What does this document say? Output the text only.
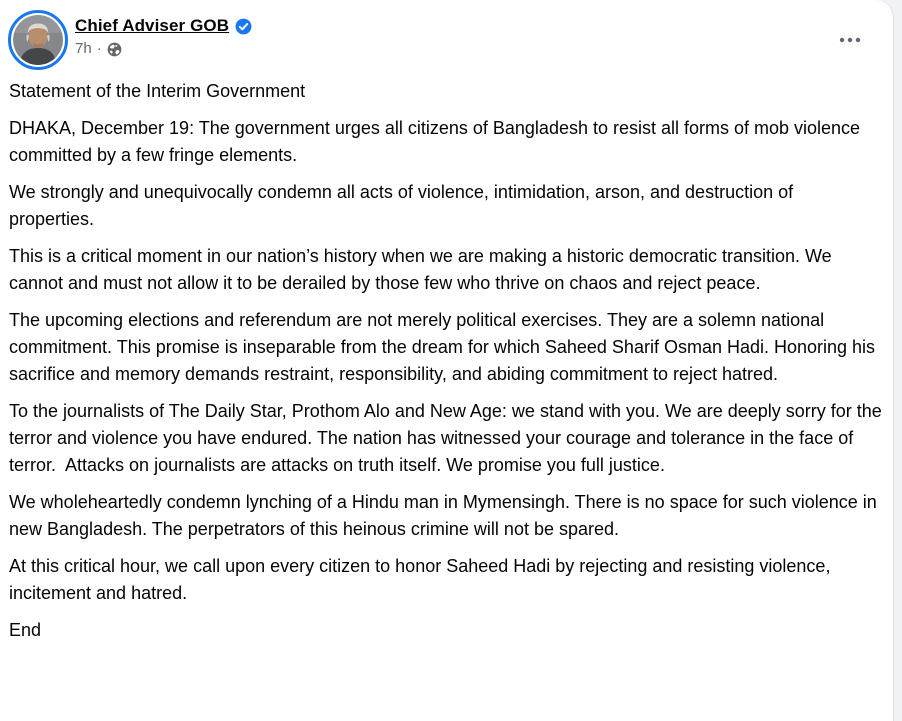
Chief Adviser GOB
7h ·

Statement of the Interim Government

DHAKA, December 19: The government urges all citizens of Bangladesh to resist all forms of mob violence  committed by a few fringe elements.

We strongly and unequivocally condemn all acts of violence, intimidation, arson, and destruction of properties.

This is a critical moment in our nation’s history when we are making a historic democratic transition. We cannot and must not allow it to be derailed by those few who thrive on chaos and reject peace.

The upcoming elections and referendum are not merely political exercises. They are a solemn national commitment. This promise is inseparable from the dream for which Saheed Sharif Osman Hadi. Honoring his sacrifice and memory demands restraint, responsibility, and abiding commitment to reject hatred.

To the journalists of The Daily Star, Prothom Alo and New Age: we stand with you. We are deeply sorry for the terror and violence you have endured. The nation has witnessed your courage and tolerance in the face of terror.  Attacks on journalists are attacks on truth itself. We promise you full justice.

We wholeheartedly condemn lynching of a Hindu man in Mymensingh. There is no space for such violence in new Bangladesh. The perpetrators of this heinous crimine will not be spared.

At this critical hour, we call upon every citizen to honor Saheed Hadi by rejecting and resisting violence, incitement and hatred.

End
